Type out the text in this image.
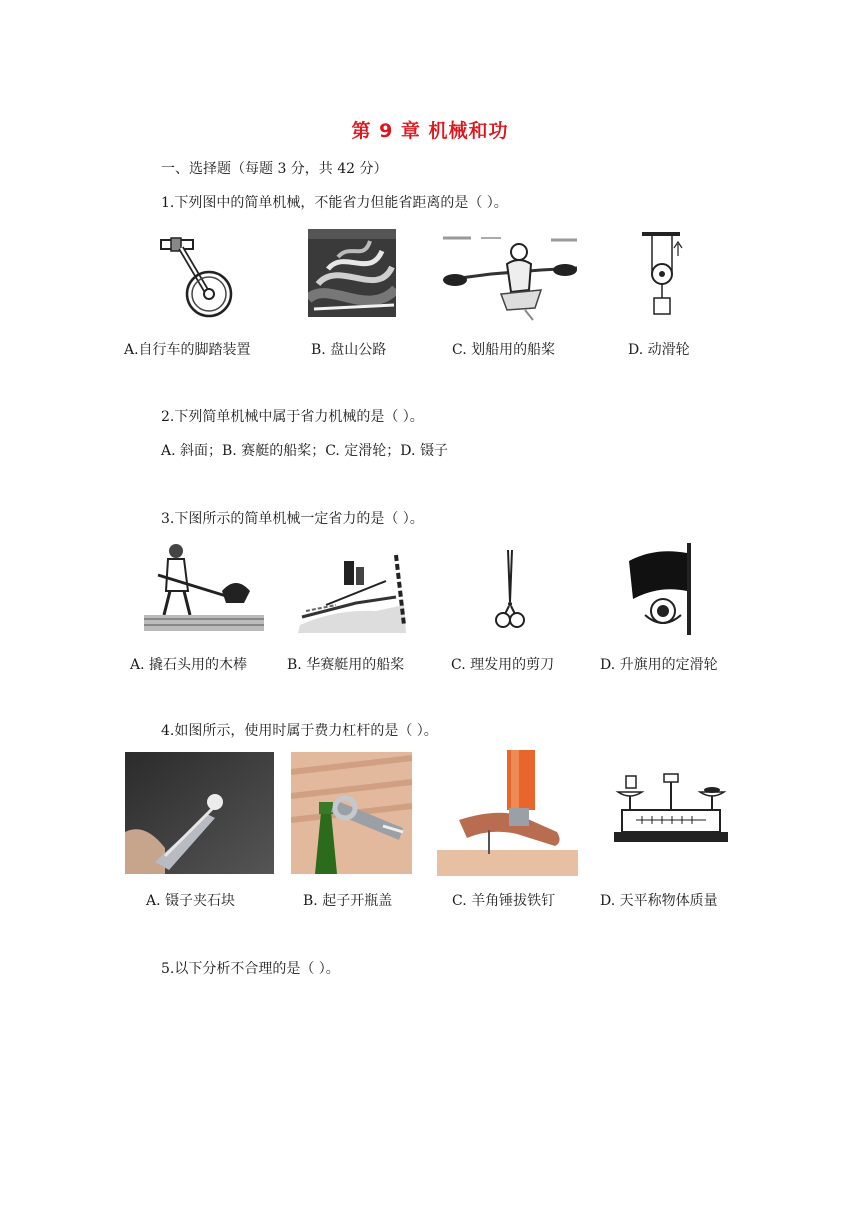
第 9 章 机械和功
一、选择题（每题 3 分，共 42 分）
1.下列图中的简单机械，不能省力但能省距离的是（ ）。
A.自行车的脚踏装置	B. 盘山公路	C. 划船用的船桨	D. 动滑轮
2.下列简单机械中属于省力机械的是（ ）。
A. 斜面；B. 赛艇的船桨；C. 定滑轮；D. 镊子
3.下图所示的简单机械一定省力的是（ ）。
A. 撬石头用的木棒	B. 华赛艇用的船桨	C. 理发用的剪刀	D. 升旗用的定滑轮
4.如图所示，使用时属于费力杠杆的是（ ）。
A. 镊子夹石块	B. 起子开瓶盖	C. 羊角锤拔铁钉	D. 天平称物体质量
5.以下分析不合理的是（ ）。
